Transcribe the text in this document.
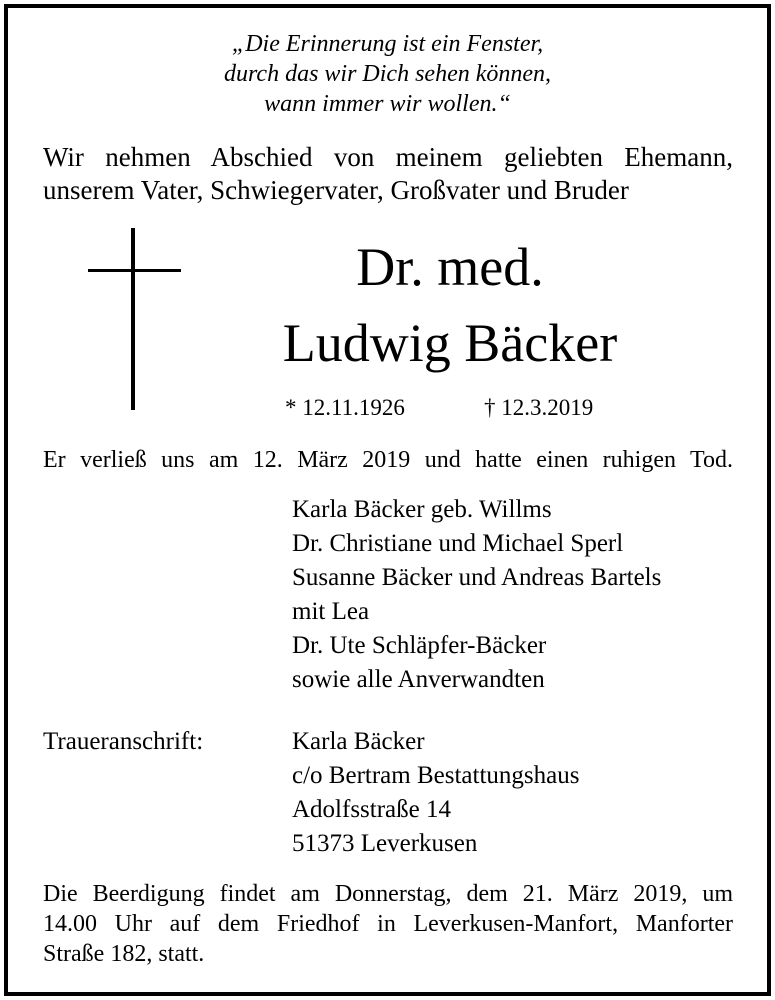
„Die Erinnerung ist ein Fenster,
durch das wir Dich sehen können,
wann immer wir wollen.“
Wir nehmen Abschied von meinem geliebten Ehemann,
unserem Vater, Schwiegervater, Großvater und Bruder
Dr. med.
Ludwig Bäcker
* 12.11.1926	† 12.3.2019
Er verließ uns am 12. März 2019 und hatte einen ruhigen Tod.
Karla Bäcker geb. Willms
Dr. Christiane und Michael Sperl
Susanne Bäcker und Andreas Bartels
mit Lea
Dr. Ute Schläpfer-Bäcker
sowie alle Anverwandten
Traueranschrift:	Karla Bäcker
c/o Bertram Bestattungshaus
Adolfsstraße 14
51373 Leverkusen
Die Beerdigung findet am Donnerstag, dem 21. März 2019, um
14.00 Uhr auf dem Friedhof in Leverkusen-Manfort, Manforter
Straße 182, statt.
